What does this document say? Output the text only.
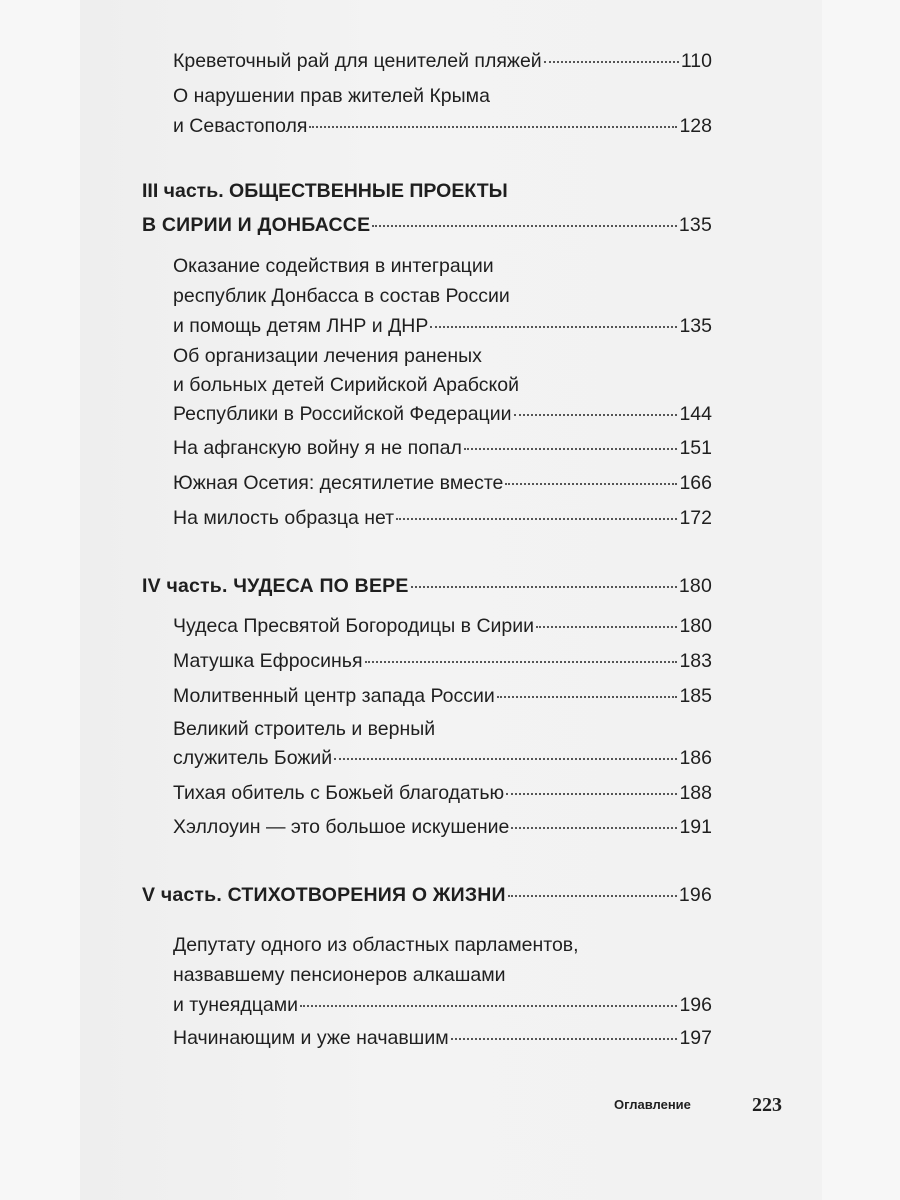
Креветочный рай для ценителей пляжей	110
О нарушении прав жителей Крыма
и Севастополя	128
III часть. ОБЩЕСТВЕННЫЕ ПРОЕКТЫ
В СИРИИ И ДОНБАССЕ	135
Оказание содействия в интеграции
республик Донбасса в состав России
и помощь детям ЛНР и ДНР	135
Об организации лечения раненых
и больных детей Сирийской Арабской
Республики в Российской Федерации	144
На афганскую войну я не попал	151
Южная Осетия: десятилетие вместе	166
На милость образца нет	172
IV часть. ЧУДЕСА ПО ВЕРЕ	180
Чудеса Пресвятой Богородицы в Сирии	180
Матушка Ефросинья	183
Молитвенный центр запада России	185
Великий строитель и верный
служитель Божий	186
Тихая обитель с Божьей благодатью	188
Хэллоуин — это большое искушение	191
V часть. СТИХОТВОРЕНИЯ О ЖИЗНИ	196
Депутату одного из областных парламентов,
назвавшему пенсионеров алкашами
и тунеядцами	196
Начинающим и уже начавшим	197
Оглавление	223
